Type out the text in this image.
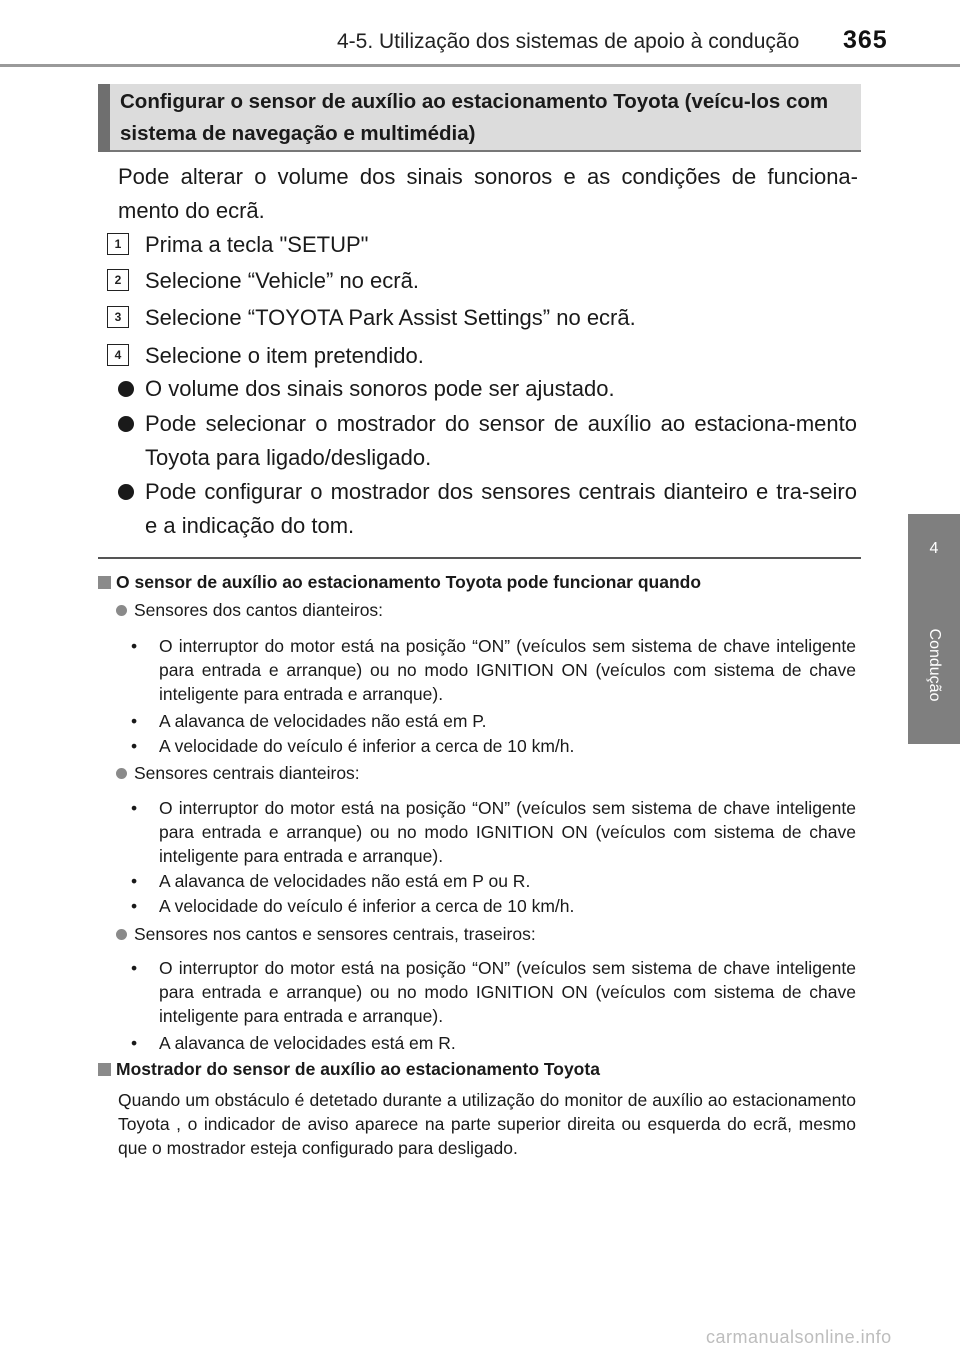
4-5. Utilização dos sistemas de apoio à condução 365
4
Condução
Configurar o sensor de auxílio ao estacionamento Toyota (veícu-los com sistema de navegação e multimédia)
Pode alterar o volume dos sinais sonoros e as condições de funciona-mento do ecrã.
1	Prima a tecla "SETUP"
2	Selecione “Vehicle” no ecrã.
3	Selecione “TOYOTA Park Assist Settings” no ecrã.
4	Selecione o item pretendido.
O volume dos sinais sonoros pode ser ajustado.
Pode selecionar o mostrador do sensor de auxílio ao estaciona-mento Toyota para ligado/desligado.
Pode configurar o mostrador dos sensores centrais dianteiro e tra-seiro e a indicação do tom.
O sensor de auxílio ao estacionamento Toyota pode funcionar quando
Sensores dos cantos dianteiros:
• O interruptor do motor está na posição “ON” (veículos sem sistema de chave inteligente para entrada e arranque) ou no modo IGNITION ON (veículos com sistema de chave inteligente para entrada e arranque).
• A alavanca de velocidades não está em P.
• A velocidade do veículo é inferior a cerca de 10 km/h.
Sensores centrais dianteiros:
• O interruptor do motor está na posição “ON” (veículos sem sistema de chave inteligente para entrada e arranque) ou no modo IGNITION ON (veículos com sistema de chave inteligente para entrada e arranque).
• A alavanca de velocidades não está em P ou R.
• A velocidade do veículo é inferior a cerca de 10 km/h.
Sensores nos cantos e sensores centrais, traseiros:
• O interruptor do motor está na posição “ON” (veículos sem sistema de chave inteligente para entrada e arranque) ou no modo IGNITION ON (veículos com sistema de chave inteligente para entrada e arranque).
• A alavanca de velocidades está em R.
Mostrador do sensor de auxílio ao estacionamento Toyota
Quando um obstáculo é detetado durante a utilização do monitor de auxílio ao estacionamento Toyota , o indicador de aviso aparece na parte superior direita ou esquerda do ecrã, mesmo que o mostrador esteja configurado para desligado.
carmanualsonline.info
